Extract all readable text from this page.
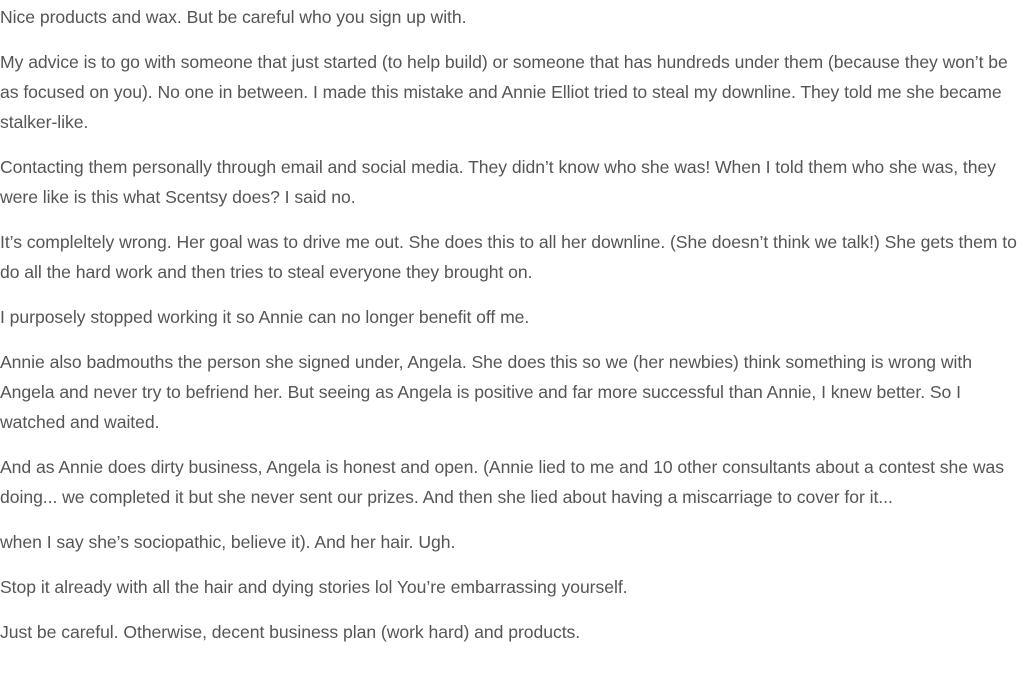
Nice products and wax. But be careful who you sign up with.

My advice is to go with someone that just started (to help build) or someone that has hundreds under them (because they won’t be as focused on you). No one in between. I made this mistake and Annie Elliot tried to steal my downline. They told me she became stalker-like.

Contacting them personally through email and social media. They didn’t know who she was! When I told them who she was, they were like is this what Scentsy does? I said no.

It’s compleltely wrong. Her goal was to drive me out. She does this to all her downline. (She doesn’t think we talk!) She gets them to do all the hard work and then tries to steal everyone they brought on.

I purposely stopped working it so Annie can no longer benefit off me.

Annie also badmouths the person she signed under, Angela. She does this so we (her newbies) think something is wrong with Angela and never try to befriend her. But seeing as Angela is positive and far more successful than Annie, I knew better. So I watched and waited.

And as Annie does dirty business, Angela is honest and open. (Annie lied to me and 10 other consultants about a contest she was doing... we completed it but she never sent our prizes. And then she lied about having a miscarriage to cover for it...

when I say she’s sociopathic, believe it). And her hair. Ugh.

Stop it already with all the hair and dying stories lol You’re embarrassing yourself.

Just be careful. Otherwise, decent business plan (work hard) and products.
